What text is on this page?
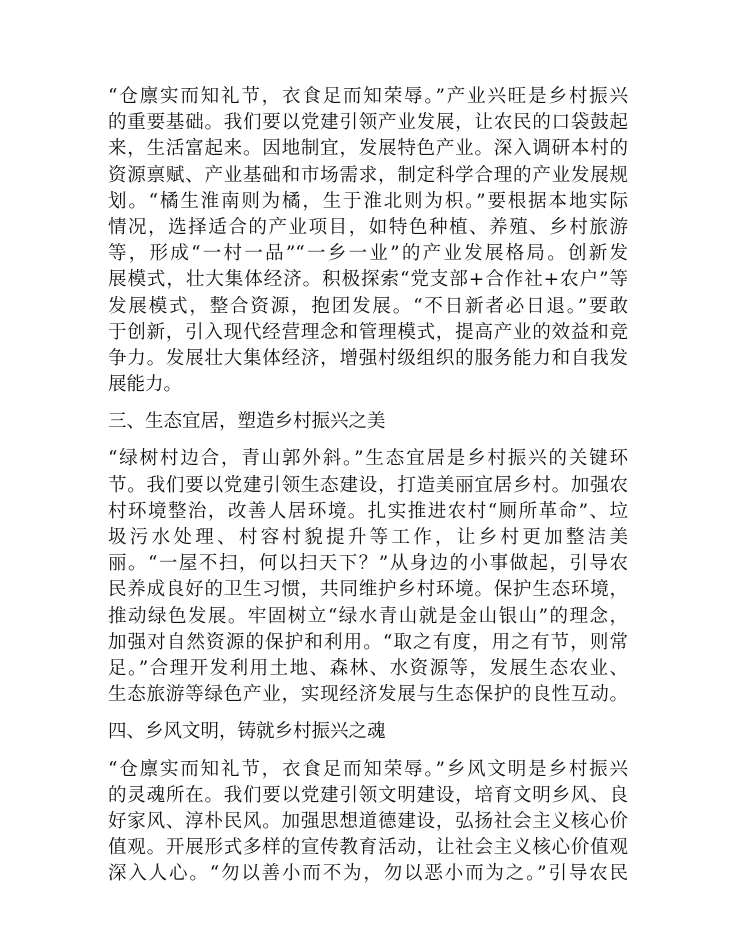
“仓廪实而知礼节，衣食足而知荣辱。”产业兴旺是乡村振兴
的重要基础。我们要以党建引领产业发展，让农民的口袋鼓起
来，生活富起来。因地制宜，发展特色产业。深入调研本村的
资源禀赋、产业基础和市场需求，制定科学合理的产业发展规
划。“橘生淮南则为橘，生于淮北则为枳。”要根据本地实际
情况，选择适合的产业项目，如特色种植、养殖、乡村旅游
等，形成“一村一品”“一乡一业”的产业发展格局。创新发
展模式，壮大集体经济。积极探索“党支部+合作社+农户”等
发展模式，整合资源，抱团发展。“不日新者必日退。”要敢
于创新，引入现代经营理念和管理模式，提高产业的效益和竞
争力。发展壮大集体经济，增强村级组织的服务能力和自我发
展能力。
三、生态宜居，塑造乡村振兴之美
“绿树村边合，青山郭外斜。”生态宜居是乡村振兴的关键环
节。我们要以党建引领生态建设，打造美丽宜居乡村。加强农
村环境整治，改善人居环境。扎实推进农村“厕所革命”、垃
圾污水处理、村容村貌提升等工作，让乡村更加整洁美
丽。“一屋不扫，何以扫天下？”从身边的小事做起，引导农
民养成良好的卫生习惯，共同维护乡村环境。保护生态环境，
推动绿色发展。牢固树立“绿水青山就是金山银山”的理念，
加强对自然资源的保护和利用。“取之有度，用之有节，则常
足。”合理开发利用土地、森林、水资源等，发展生态农业、
生态旅游等绿色产业，实现经济发展与生态保护的良性互动。
四、乡风文明，铸就乡村振兴之魂
“仓廪实而知礼节，衣食足而知荣辱。”乡风文明是乡村振兴
的灵魂所在。我们要以党建引领文明建设，培育文明乡风、良
好家风、淳朴民风。加强思想道德建设，弘扬社会主义核心价
值观。开展形式多样的宣传教育活动，让社会主义核心价值观
深入人心。“勿以善小而不为，勿以恶小而为之。”引导农民
